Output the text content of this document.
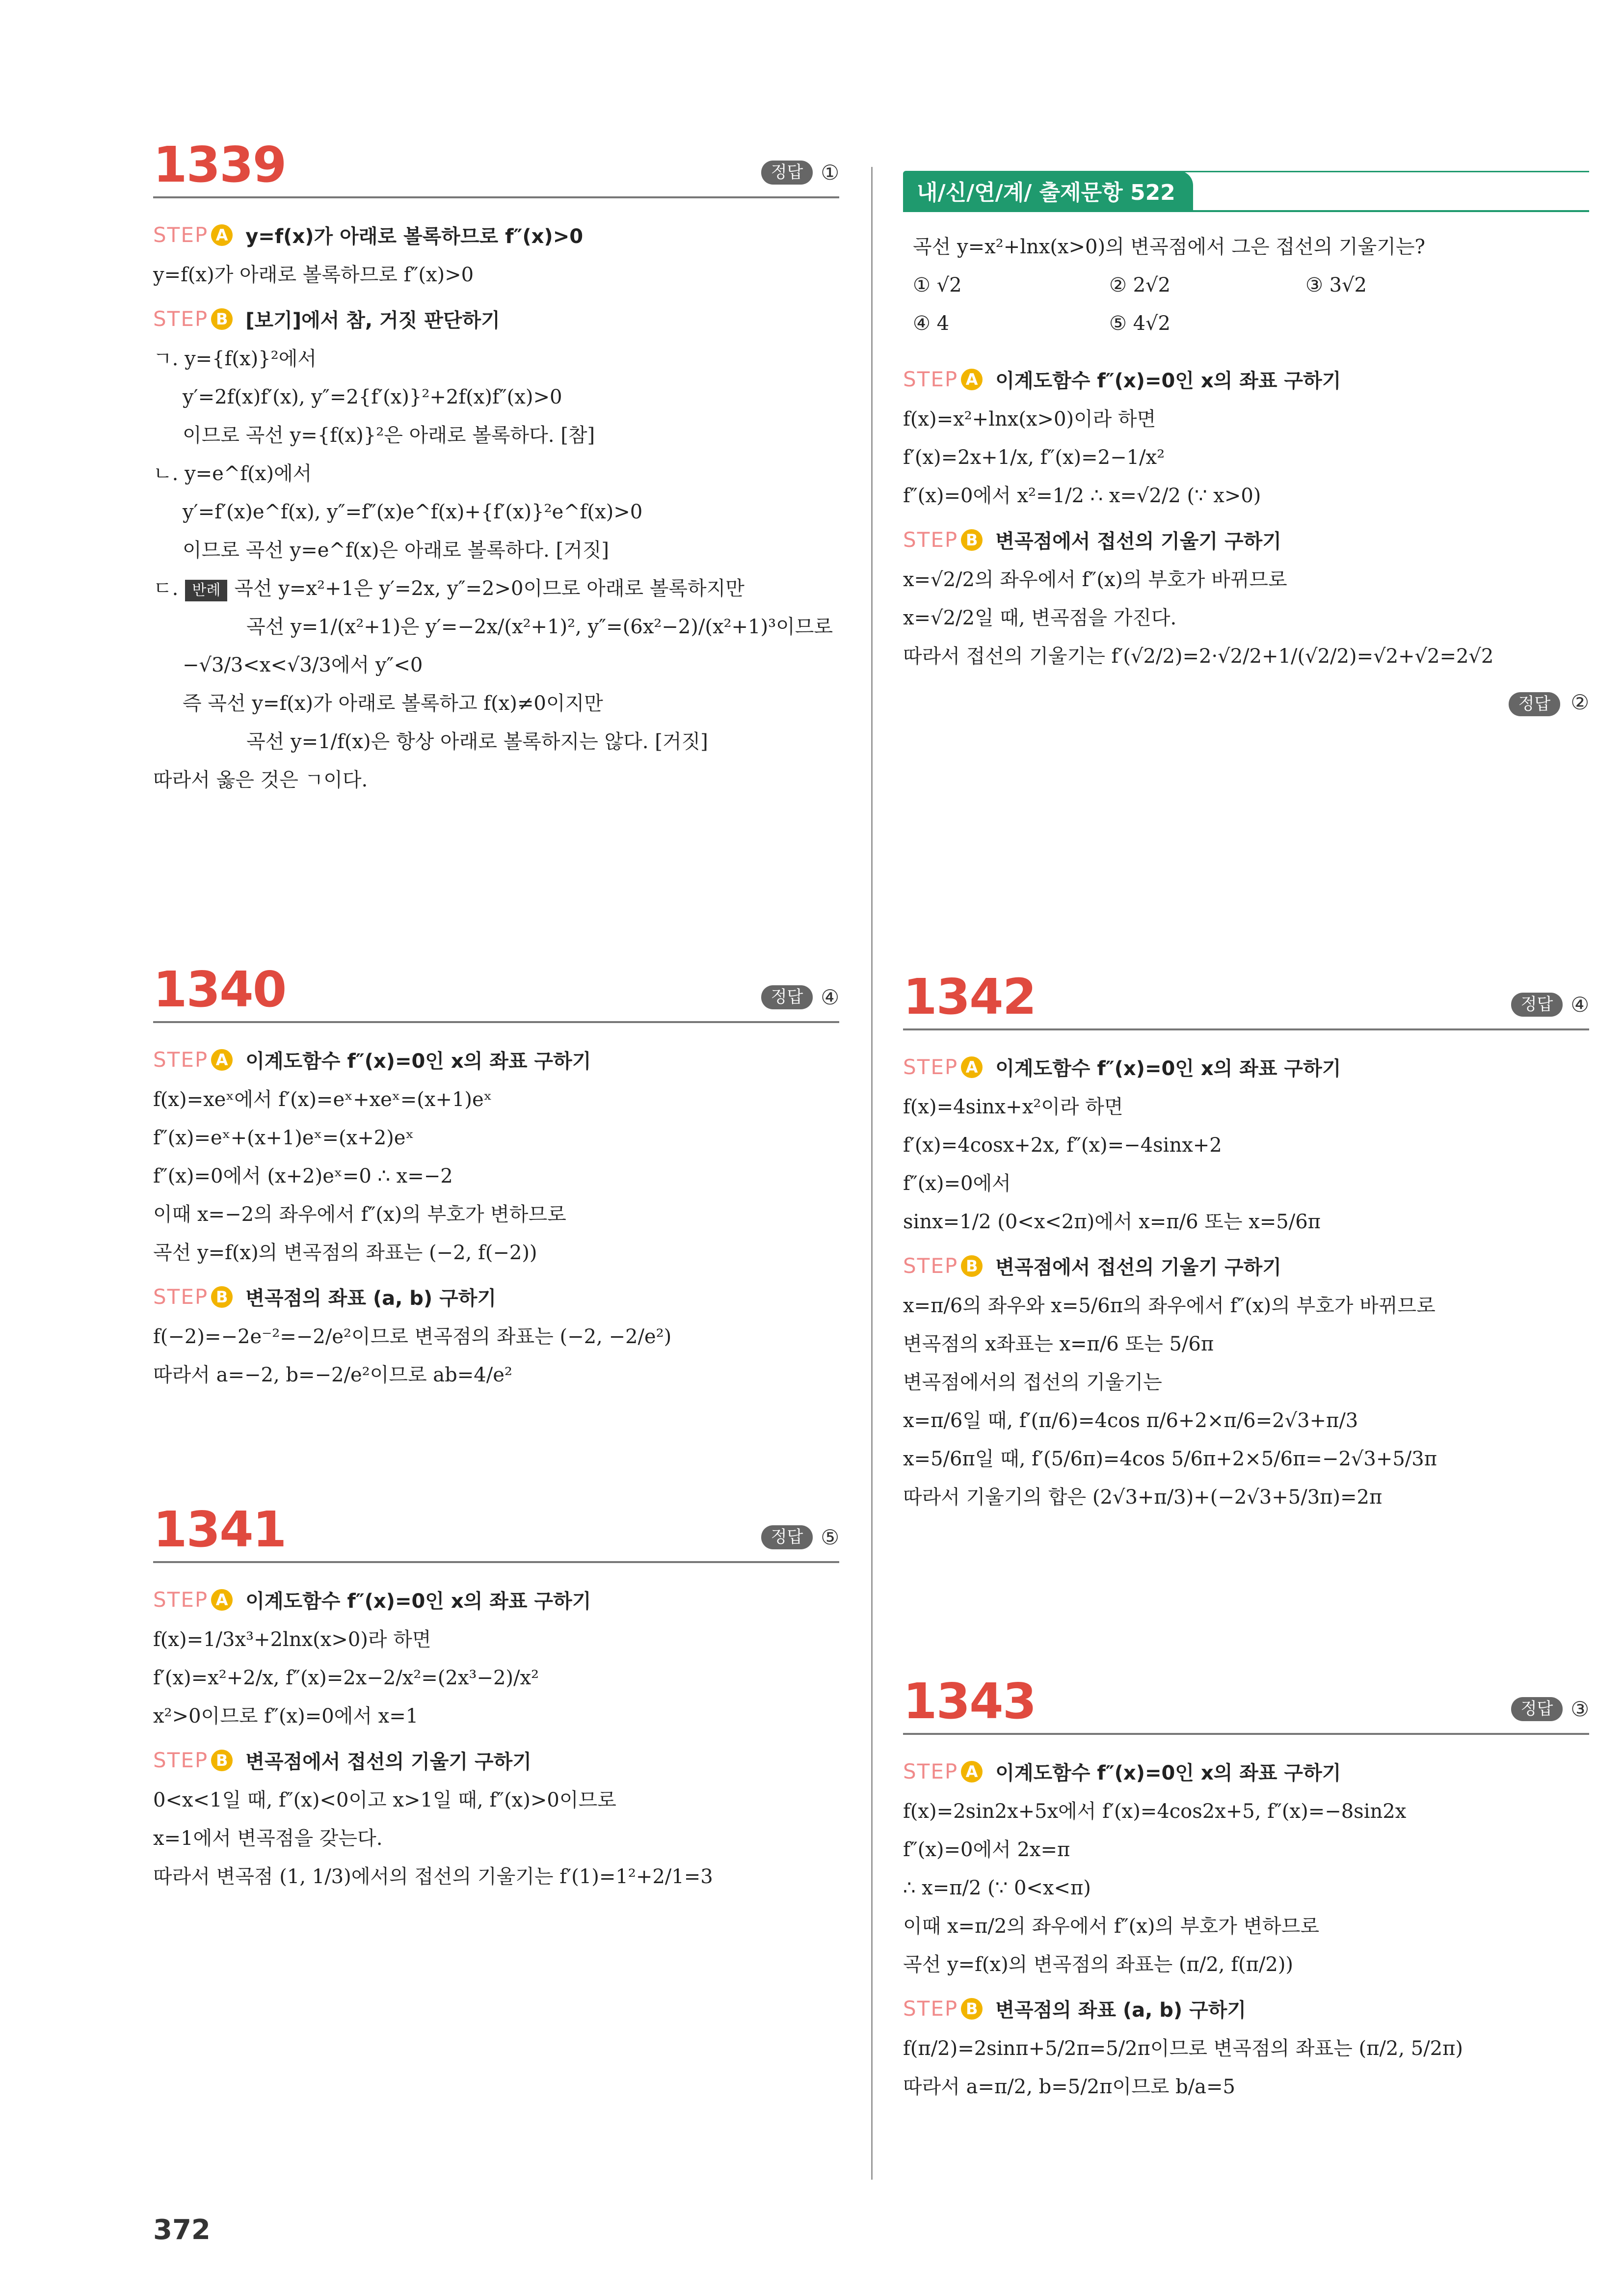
1339	정답 ①
STEP A y=f(x)가 아래로 볼록하므로 f″(x)>0
y=f(x)가 아래로 볼록하므로 f″(x)>0
STEP B [보기]에서 참, 거짓 판단하기
ㄱ. y={f(x)}²에서
y′=2f(x)f′(x), y″=2{f′(x)}²+2f(x)f″(x)>0
이므로 곡선 y={f(x)}²은 아래로 볼록하다. [참]
ㄴ. y=e^f(x)에서
y′=f′(x)e^f(x), y″=f″(x)e^f(x)+{f′(x)}²e^f(x)>0
이므로 곡선 y=e^f(x)은 아래로 볼록하다. [거짓]
ㄷ. 반례 곡선 y=x²+1은 y′=2x, y″=2>0이므로 아래로 볼록하지만
곡선 y=1/(x²+1)은 y′=−2x/(x²+1)², y″=(6x²−2)/(x²+1)³이므로
−√3/3<x<√3/3에서 y″<0
즉 곡선 y=f(x)가 아래로 볼록하고 f(x)≠0이지만
곡선 y=1/f(x)은 항상 아래로 볼록하지는 않다. [거짓]
따라서 옳은 것은 ㄱ이다.
1340	정답 ④
STEP A 이계도함수 f″(x)=0인 x의 좌표 구하기
f(x)=xeˣ에서 f′(x)=eˣ+xeˣ=(x+1)eˣ
f″(x)=eˣ+(x+1)eˣ=(x+2)eˣ
f″(x)=0에서 (x+2)eˣ=0 ∴ x=−2
이때 x=−2의 좌우에서 f″(x)의 부호가 변하므로
곡선 y=f(x)의 변곡점의 좌표는 (−2, f(−2))
STEP B 변곡점의 좌표 (a, b) 구하기
f(−2)=−2e⁻²=−2/e²이므로 변곡점의 좌표는 (−2, −2/e²)
따라서 a=−2, b=−2/e²이므로 ab=4/e²
1341	정답 ⑤
STEP A 이계도함수 f″(x)=0인 x의 좌표 구하기
f(x)=1/3x³+2lnx(x>0)라 하면
f′(x)=x²+2/x, f″(x)=2x−2/x²=(2x³−2)/x²
x²>0이므로 f″(x)=0에서 x=1
STEP B 변곡점에서 접선의 기울기 구하기
0<x<1일 때, f″(x)<0이고 x>1일 때, f″(x)>0이므로
x=1에서 변곡점을 갖는다.
따라서 변곡점 (1, 1/3)에서의 접선의 기울기는 f′(1)=1²+2/1=3
내/신/연/계/ 출제문항 522
곡선 y=x²+lnx(x>0)의 변곡점에서 그은 접선의 기울기는?
① √2	② 2√2	③ 3√2
④ 4	⑤ 4√2
STEP A 이계도함수 f″(x)=0인 x의 좌표 구하기
f(x)=x²+lnx(x>0)이라 하면
f′(x)=2x+1/x, f″(x)=2−1/x²
f″(x)=0에서 x²=1/2 ∴ x=√2/2 (∵ x>0)
STEP B 변곡점에서 접선의 기울기 구하기
x=√2/2의 좌우에서 f″(x)의 부호가 바뀌므로
x=√2/2일 때, 변곡점을 가진다.
따라서 접선의 기울기는 f′(√2/2)=2·√2/2+1/(√2/2)=√2+√2=2√2
정답 ②
1342	정답 ④
STEP A 이계도함수 f″(x)=0인 x의 좌표 구하기
f(x)=4sinx+x²이라 하면
f′(x)=4cosx+2x, f″(x)=−4sinx+2
f″(x)=0에서
sinx=1/2 (0<x<2π)에서 x=π/6 또는 x=5/6π
STEP B 변곡점에서 접선의 기울기 구하기
x=π/6의 좌우와 x=5/6π의 좌우에서 f″(x)의 부호가 바뀌므로
변곡점의 x좌표는 x=π/6 또는 5/6π
변곡점에서의 접선의 기울기는
x=π/6일 때, f′(π/6)=4cos π/6+2×π/6=2√3+π/3
x=5/6π일 때, f′(5/6π)=4cos 5/6π+2×5/6π=−2√3+5/3π
따라서 기울기의 합은 (2√3+π/3)+(−2√3+5/3π)=2π
1343	정답 ③
STEP A 이계도함수 f″(x)=0인 x의 좌표 구하기
f(x)=2sin2x+5x에서 f′(x)=4cos2x+5, f″(x)=−8sin2x
f″(x)=0에서 2x=π
∴ x=π/2 (∵ 0<x<π)
이때 x=π/2의 좌우에서 f″(x)의 부호가 변하므로
곡선 y=f(x)의 변곡점의 좌표는 (π/2, f(π/2))
STEP B 변곡점의 좌표 (a, b) 구하기
f(π/2)=2sinπ+5/2π=5/2π이므로 변곡점의 좌표는 (π/2, 5/2π)
따라서 a=π/2, b=5/2π이므로 b/a=5
372
